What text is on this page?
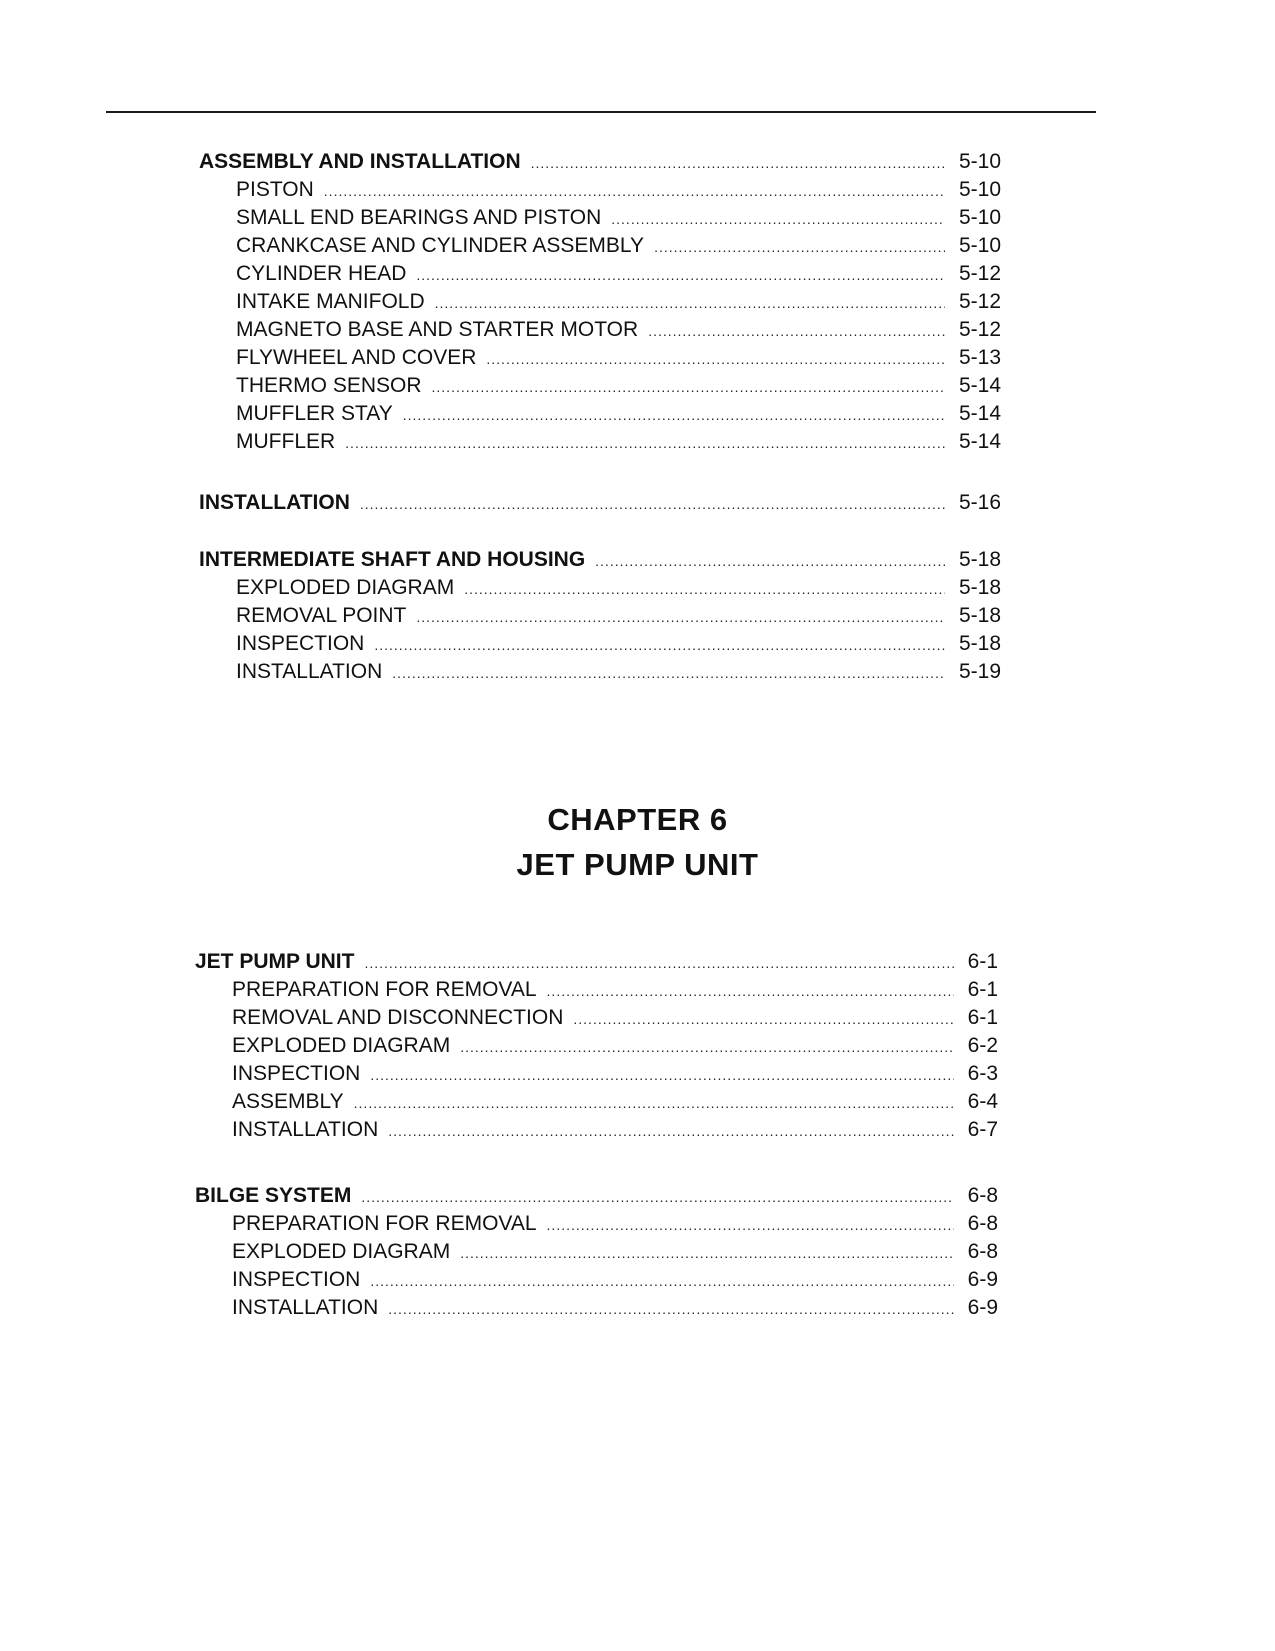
ASSEMBLY AND INSTALLATION .....	5-10
PISTON .....	5-10
SMALL END BEARINGS AND PISTON .....	5-10
CRANKCASE AND CYLINDER ASSEMBLY .....	5-10
CYLINDER HEAD .....	5-12
INTAKE MANIFOLD .....	5-12
MAGNETO BASE AND STARTER MOTOR .....	5-12
FLYWHEEL AND COVER .....	5-13
THERMO SENSOR .....	5-14
MUFFLER STAY .....	5-14
MUFFLER .....	5-14
INSTALLATION .....	5-16
INTERMEDIATE SHAFT AND HOUSING .....	5-18
EXPLODED DIAGRAM .....	5-18
REMOVAL POINT .....	5-18
INSPECTION .....	5-18
INSTALLATION .....	5-19
JET PUMP UNIT .....	6-1
PREPARATION FOR REMOVAL .....	6-1
REMOVAL AND DISCONNECTION .....	6-1
EXPLODED DIAGRAM .....	6-2
INSPECTION .....	6-3
ASSEMBLY .....	6-4
INSTALLATION .....	6-7
BILGE SYSTEM .....	6-8
PREPARATION FOR REMOVAL .....	6-8
EXPLODED DIAGRAM .....	6-8
INSPECTION .....	6-9
INSTALLATION .....	6-9
CHAPTER 6
JET PUMP UNIT
